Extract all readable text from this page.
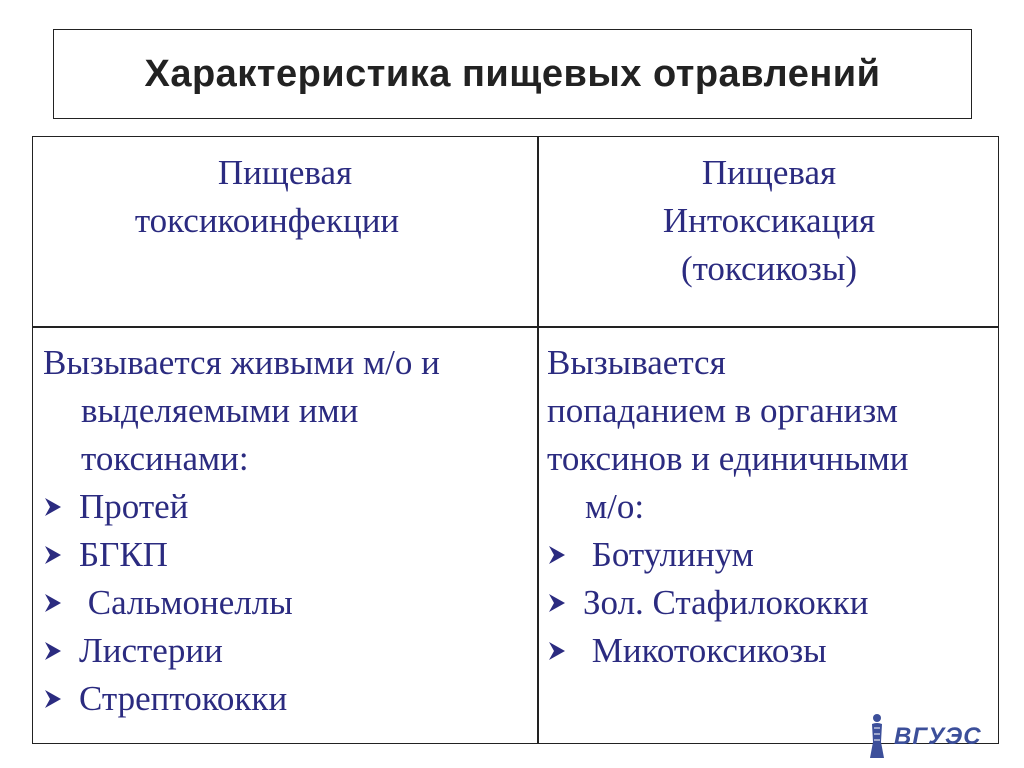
Характеристика пищевых отравлений
Пищевая
токсикоинфекции
Пищевая
Интоксикация
(токсикозы)
Вызывается живыми м/о и
выделяемыми ими
токсинами:
Протей
БГКП
Сальмонеллы
Листерии
Стрептококки
Вызывается
попаданием в организм
токсинов и единичными
м/о:
Ботулинум
Зол. Стафилококки
Микотоксикозы
ВГУЭС
